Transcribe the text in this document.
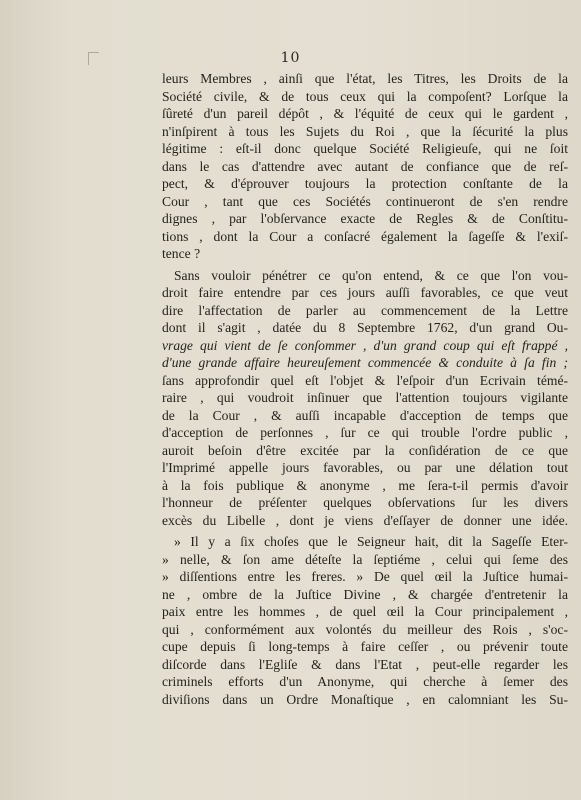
10
leurs Membres , ainſi que l'état, les Titres, les Droits de la
Société civile, & de tous ceux qui la compoſent? Lorſque la
ſûreté d'un pareil dépôt , & l'équité de ceux qui le gardent ,
n'inſpirent à tous les Sujets du Roi , que la ſécurité la plus
légitime : eſt-il donc quelque Société Religieuſe, qui ne ſoit
dans le cas d'attendre avec autant de confiance que de reſ-
pect, & d'éprouver toujours la protection conſtante de la
Cour , tant que ces Sociétés continueront de s'en rendre
dignes , par l'obſervance exacte de Regles & de Conſtitu-
tions , dont la Cour a conſacré également la ſageſſe & l'exiſ-
tence ?
Sans vouloir pénétrer ce qu'on entend, & ce que l'on vou-
droit faire entendre par ces jours auſſi favorables, ce que veut
dire l'affectation de parler au commencement de la Lettre
dont il s'agit , datée du 8 Septembre 1762, d'un grand Ou-
vrage qui vient de ſe conſommer , d'un grand coup qui eſt frappé ,
d'une grande affaire heureuſement commencée & conduite à ſa fin ;
ſans approfondir quel eſt l'objet & l'eſpoir d'un Ecrivain témé-
raire , qui voudroit inſinuer que l'attention toujours vigilante
de la Cour , & auſſi incapable d'acception de temps que
d'acception de perſonnes , ſur ce qui trouble l'ordre public ,
auroit beſoin d'être excitée par la conſidération de ce que
l'Imprimé appelle jours favorables, ou par une délation tout
à la fois publique & anonyme , me ſera-t-il permis d'avoir
l'honneur de préſenter quelques obſervations ſur les divers
excès du Libelle , dont je viens d'eſſayer de donner une idée.
» Il y a ſix choſes que le Seigneur hait, dit la Sageſſe Eter-
» nelle, & ſon ame déteſte la ſeptiéme , celui qui ſeme des
» diſſentions entre les freres. » De quel œil la Juſtice humai-
ne , ombre de la Juſtice Divine , & chargée d'entretenir la
paix entre les hommes , de quel œil la Cour principalement ,
qui , conformément aux volontés du meilleur des Rois , s'oc-
cupe depuis ſi long-temps à faire ceſſer , ou prévenir toute
diſcorde dans l'Egliſe & dans l'Etat , peut-elle regarder les
criminels efforts d'un Anonyme, qui cherche à ſemer des
diviſions dans un Ordre Monaſtique , en calomniant les Su-
